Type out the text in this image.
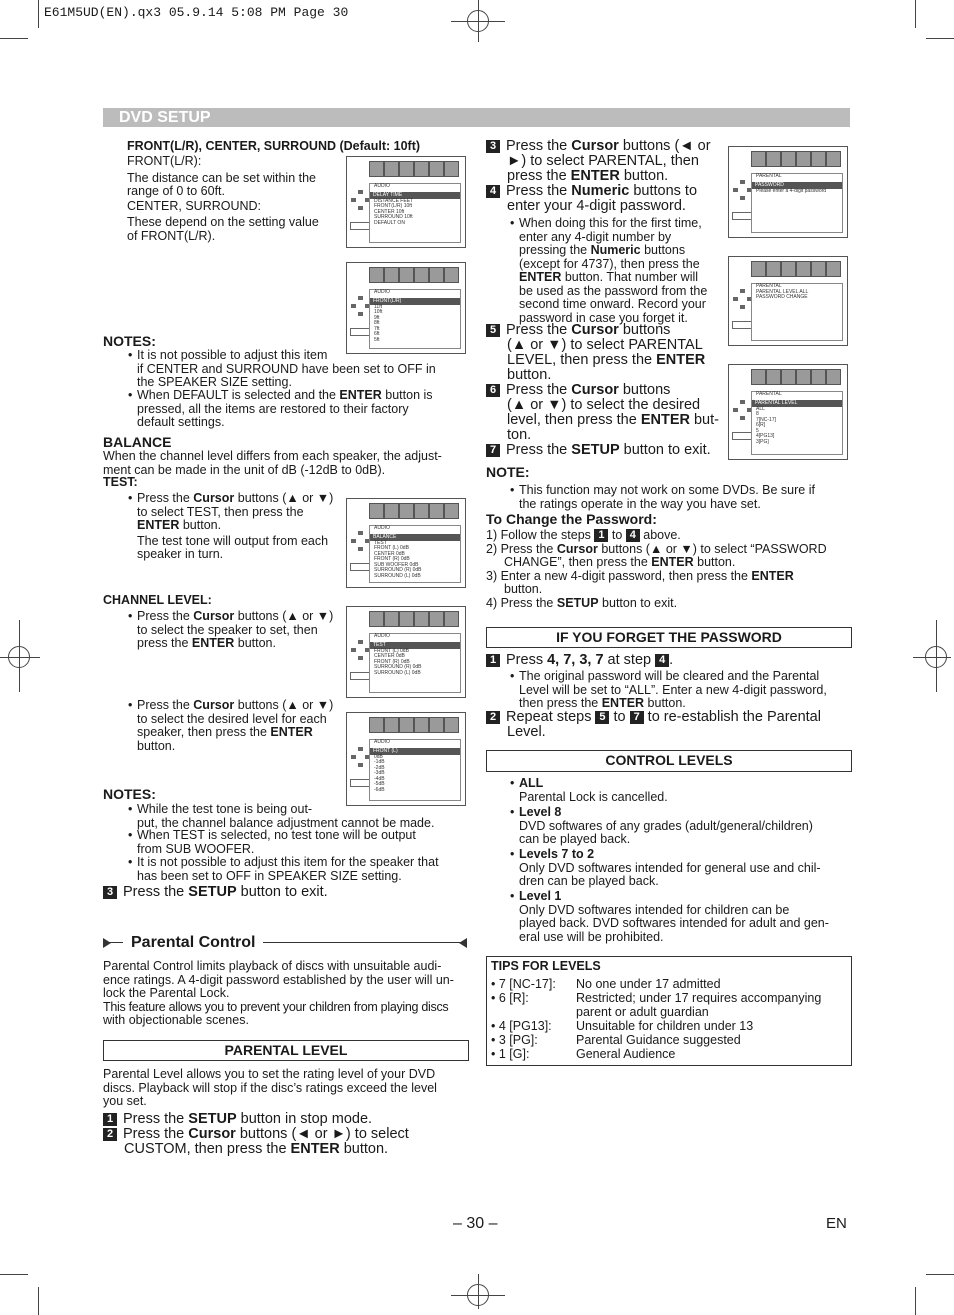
E61M5UD(EN).qx3 05.9.14 5:08 PM Page 30
DVD SETUP
FRONT(L/R), CENTER, SURROUND (Default: 10ft)
FRONT(L/R):
The distance can be set within the
range of 0 to 60ft.
CENTER, SURROUND:
These depend on the setting value
of FRONT(L/R).
NOTES:
• It is not possible to adjust this item
if CENTER and SURROUND have been set to OFF in
the SPEAKER SIZE setting.
• When DEFAULT is selected and the ENTER button is
pressed, all the items are restored to their factory
default settings.
BALANCE
When the channel level differs from each speaker, the adjust-
ment can be made in the unit of dB (-12dB to 0dB).
TEST:
• Press the Cursor buttons (▲ or ▼)
to select TEST, then press the
ENTER button.
The test tone will output from each
speaker in turn.
CHANNEL LEVEL:
• Press the Cursor buttons (▲ or ▼)
to select the speaker to set, then
press the ENTER button.
• Press the Cursor buttons (▲ or ▼)
to select the desired level for each
speaker, then press the ENTER
button.
NOTES:
• While the test tone is being out-
put, the channel balance adjustment cannot be made.
• When TEST is selected, no test tone will be output
from SUB WOOFER.
• It is not possible to adjust this item for the speaker that
has been set to OFF in SPEAKER SIZE setting.
3 Press the SETUP button to exit.
Parental Control
Parental Control limits playback of discs with unsuitable audi-
ence ratings. A 4-digit password established by the user will un-
lock the Parental Lock.
This feature allows you to prevent your children from playing discs
with objectionable scenes.
PARENTAL LEVEL
Parental Level allows you to set the rating level of your DVD
discs. Playback will stop if the disc’s ratings exceed the level
you set.
1 Press the SETUP button in stop mode.
2 Press the Cursor buttons (◄ or ►) to select
CUSTOM, then press the ENTER button.
3 Press the Cursor buttons (◄ or
►) to select PARENTAL, then
press the ENTER button.
4 Press the Numeric buttons to
enter your 4-digit password.
• When doing this for the first time,
enter any 4-digit number by
pressing the Numeric buttons
(except for 4737), then press the
ENTER button. That number will
be used as the password from the
second time onward. Record your
password in case you forget it.
5 Press the Cursor buttons
(▲ or ▼) to select PARENTAL
LEVEL, then press the ENTER
button.
6 Press the Cursor buttons
(▲ or ▼) to select the desired
level, then press the ENTER but-
ton.
7 Press the SETUP button to exit.
NOTE:
• This function may not work on some DVDs. Be sure if
the ratings operate in the way you have set.
To Change the Password:
1) Follow the steps 1 to 4 above.
2) Press the Cursor buttons (▲ or ▼) to select “PASSWORD
CHANGE”, then press the ENTER button.
3) Enter a new 4-digit password, then press the ENTER
button.
4) Press the SETUP button to exit.
IF YOU FORGET THE PASSWORD
1 Press 4, 7, 3, 7 at step 4 .
• The original password will be cleared and the Parental
Level will be set to “ALL”. Enter a new 4-digit password,
then press the ENTER button.
2 Repeat steps 5 to 7 to re-establish the Parental
Level.
CONTROL LEVELS
• ALL
Parental Lock is cancelled.
• Level 8
DVD softwares of any grades (adult/general/children)
can be played back.
• Levels 7 to 2
Only DVD softwares intended for general use and chil-
dren can be played back.
• Level 1
Only DVD softwares intended for children can be
played back. DVD softwares intended for adult and gen-
eral use will be prohibited.
TIPS FOR LEVELS
• 7 [NC-17]: No one under 17 admitted
• 6 [R]:	Restricted; under 17 requires accompanying
parent or adult guardian
• 4 [PG13]: Unsuitable for children under 13
• 3 [PG]:	Parental Guidance suggested
• 1 [G]:	General Audience
– 30 –	EN
AUDIO
DELAY TIME
DISTANCE FEET
FRONT(L/R) 10ft
CENTER 10ft
SURROUND 10ft
DEFAULT ON
AUDIO
FRONT(L/R)
11ft
10ft
9ft
8ft
7ft
6ft
5ft
AUDIO
BALANCE
TEST
FRONT (L) 0dB
CENTER 0dB
FRONT (R) 0dB
SUB WOOFER 0dB
SURROUND (R) 0dB
SURROUND (L) 0dB
AUDIO
TEST
FRONT (L) 0dB
CENTER 0dB
FRONT (R) 0dB
SURROUND (R) 0dB
SURROUND (L) 0dB
AUDIO
FRONT (L)
0dB
-1dB
-2dB
-3dB
-4dB
-5dB
-6dB
PARENTAL
PASSWORD
Please enter a 4-digit password
PARENTAL
PARENTAL LEVEL ALL
PASSWORD CHANGE
PARENTAL
PARENTAL LEVEL
ALL
8
7[NC-17]
6[R]
5
4[PG13]
3[PG]
